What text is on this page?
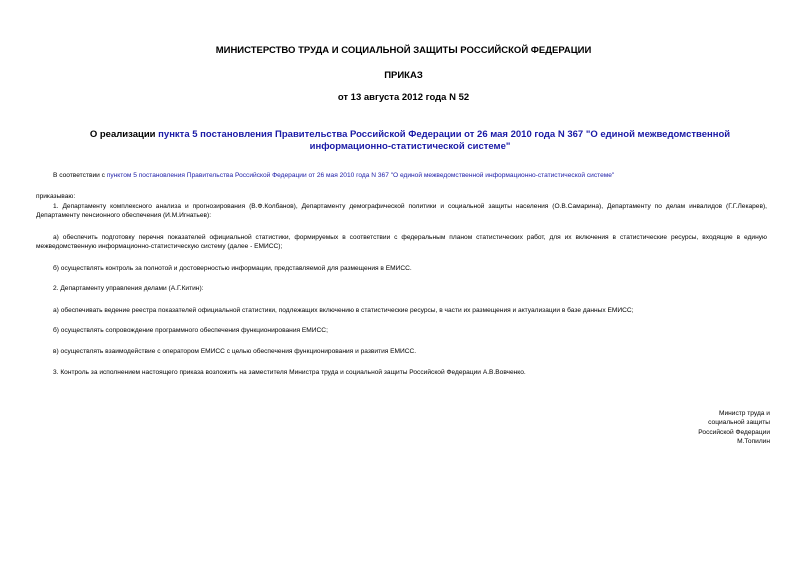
МИНИСТЕРСТВО ТРУДА И СОЦИАЛЬНОЙ ЗАЩИТЫ РОССИЙСКОЙ ФЕДЕРАЦИИ
ПРИКАЗ
от 13 августа 2012 года N 52
О реализации пункта 5 постановления Правительства Российской Федерации от 26 мая 2010 года N 367 "О единой межведомственной информационно-статистической системе"
В соответствии с пунктом 5 постановления Правительства Российской Федерации от 26 мая 2010 года N 367 "О единой межведомственной информационно-статистической системе"
приказываю:
1. Департаменту комплексного анализа и прогнозирования (В.Ф.Колбанов), Департаменту демографической политики и социальной защиты населения (О.В.Самарина), Департаменту по делам инвалидов (Г.Г.Лекарев), Департаменту пенсионного обеспечения (И.М.Игнатьев):
а) обеспечить подготовку перечня показателей официальной статистики, формируемых в соответствии с федеральным планом статистических работ, для их включения в статистические ресурсы, входящие в единую межведомственную информационно-статистическую систему (далее - ЕМИСС);
б) осуществлять контроль за полнотой и достоверностью информации, представляемой для размещения в ЕМИСС.
2. Департаменту управления делами (А.Г.Китин):
а) обеспечивать ведение реестра показателей официальной статистики, подлежащих включению в статистические ресурсы, в части их размещения и актуализации в базе данных ЕМИСС;
б) осуществлять сопровождение программного обеспечения функционирования ЕМИСС;
в) осуществлять взаимодействие с оператором ЕМИСС с целью обеспечения функционирования и развития ЕМИСС.
3. Контроль за исполнением настоящего приказа возложить на заместителя Министра труда и социальной защиты Российской Федерации А.В.Вовченко.
Министр труда и
социальной защиты
Российской Федерации
М.Топилин
